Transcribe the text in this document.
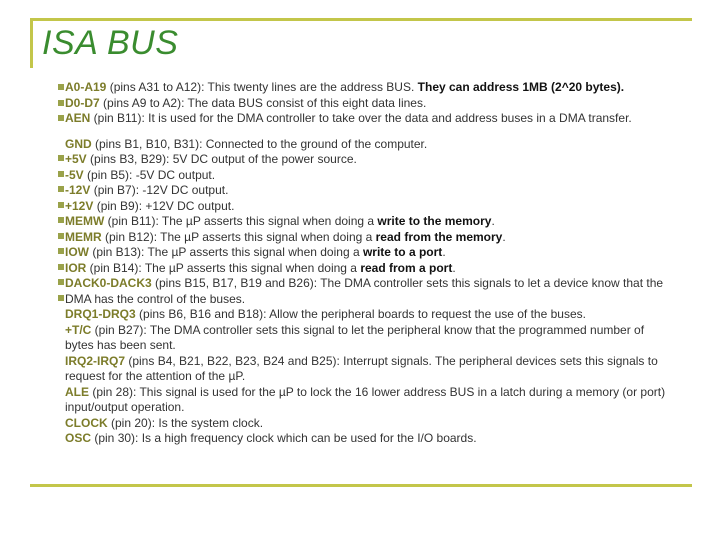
ISA BUS

A0-A19 (pins A31 to A12): This twenty lines are the address BUS. They can address 1MB (2^20 bytes).

D0-D7 (pins A9 to A2): The data BUS consist of this eight data lines.

AEN (pin B11): It is used for the DMA controller to take over the data and address buses in a DMA transfer.

GND (pins B1, B10, B31): Connected to the ground of the computer.

+5V (pins B3, B29): 5V DC output of the power source.

-5V (pin B5): -5V DC output.

-12V (pin B7): -12V DC output.

+12V (pin B9): +12V DC output.

MEMW (pin B11): The µP asserts this signal when doing a write to the memory.

MEMR (pin B12): The µP asserts this signal when doing a read from the memory.

IOW (pin B13): The µP asserts this signal when doing a write to a port.

IOR (pin B14): The µP asserts this signal when doing a read from a port.

DACK0-DACK3 (pins B15, B17, B19 and B26): The DMA controller sets this signals to let a device know that the DMA has the control of the buses.

DRQ1-DRQ3 (pins B6, B16 and B18): Allow the peripheral boards to request the use of the buses.

+T/C (pin B27): The DMA controller sets this signal to let the peripheral know that the programmed number of bytes has been sent.

IRQ2-IRQ7 (pins B4, B21, B22, B23, B24 and B25): Interrupt signals. The peripheral devices sets this signals to request for the attention of the µP.

ALE (pin 28): This signal is used for the µP to lock the 16 lower address BUS in a latch during a memory (or port) input/output operation.

CLOCK (pin 20): Is the system clock.

OSC (pin 30): Is a high frequency clock which can be used for the I/O boards.
